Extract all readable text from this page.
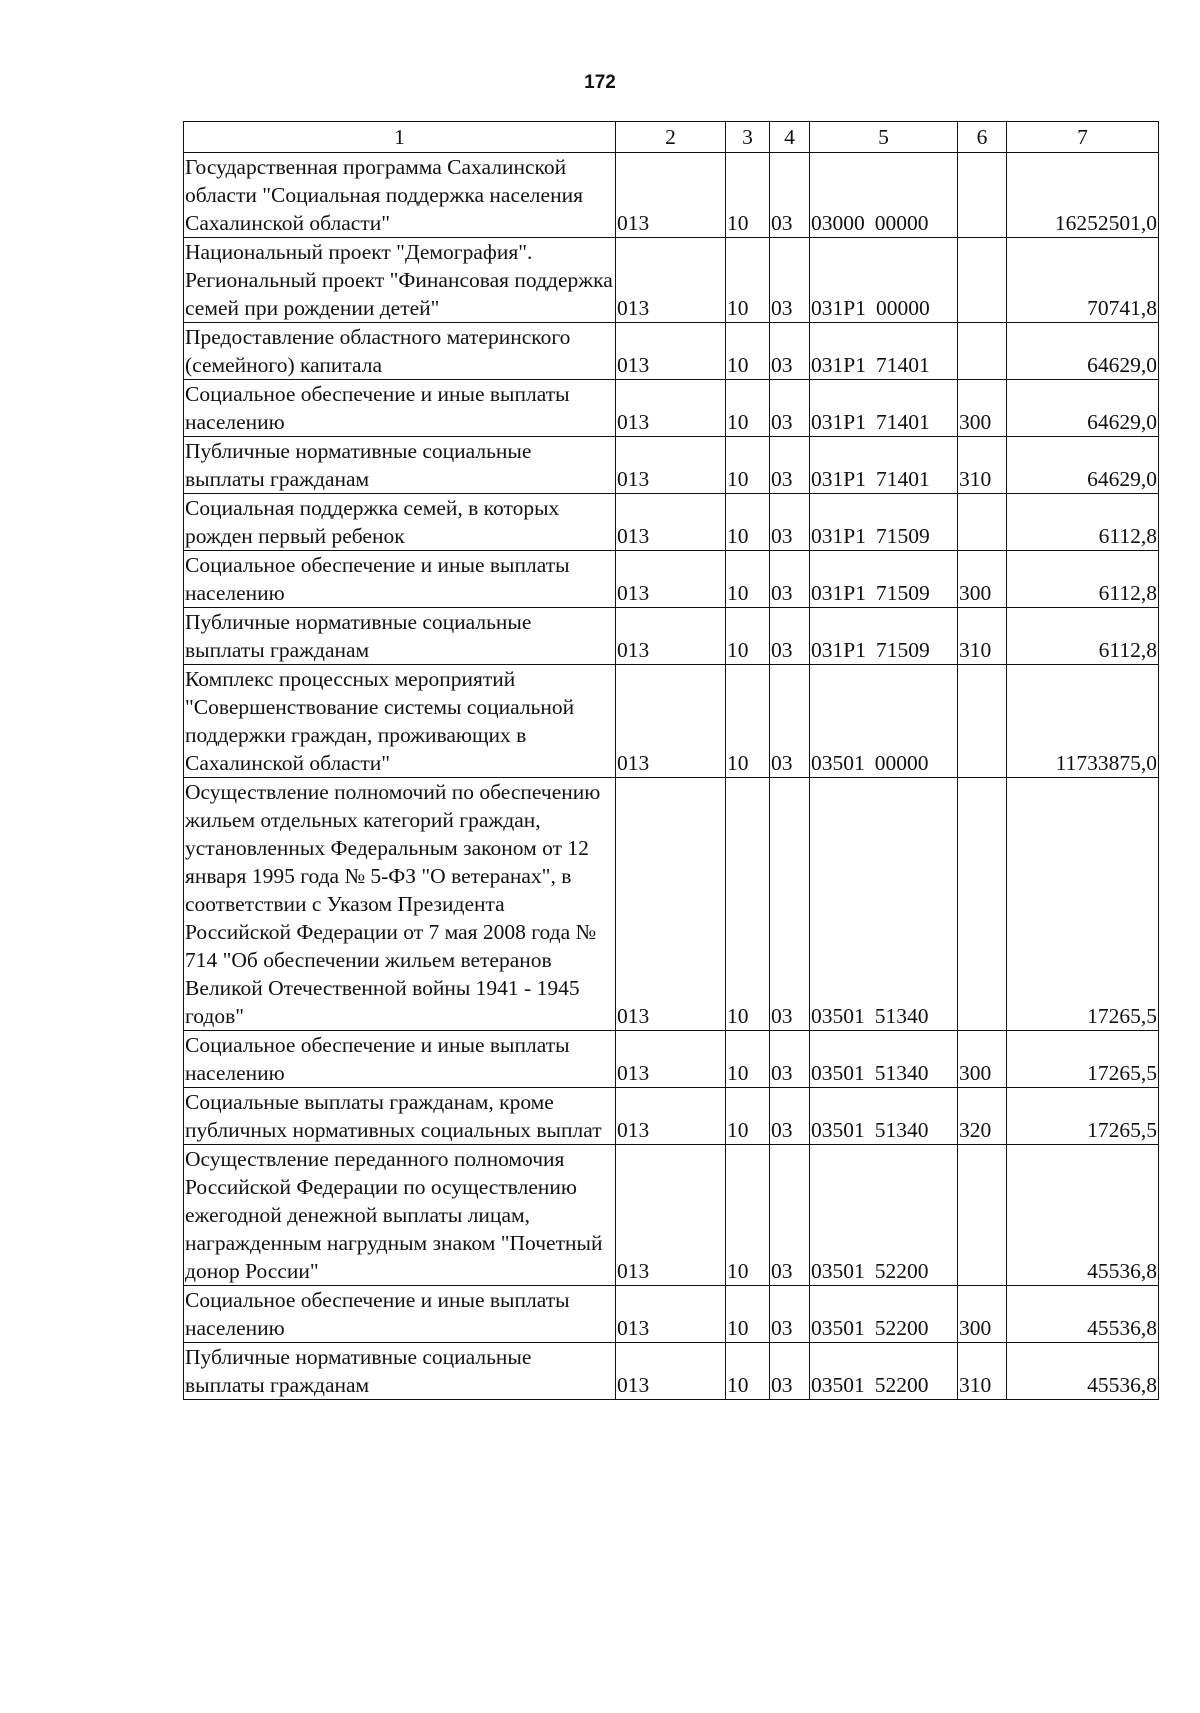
172
1	2	3	4	5	6	7
Государственная программа Сахалинской области "Социальная поддержка населения Сахалинской области"	013	10	03	03000 00000		16252501,0
Национальный проект "Демография". Региональный проект "Финансовая поддержка семей при рождении детей"	013	10	03	031Р1 00000		70741,8
Предоставление областного материнского (семейного) капитала	013	10	03	031Р1 71401		64629,0
Социальное обеспечение и иные выплаты населению	013	10	03	031Р1 71401	300	64629,0
Публичные нормативные социальные выплаты гражданам	013	10	03	031Р1 71401	310	64629,0
Социальная поддержка семей, в которых рожден первый ребенок	013	10	03	031Р1 71509		6112,8
Социальное обеспечение и иные выплаты населению	013	10	03	031Р1 71509	300	6112,8
Публичные нормативные социальные выплаты гражданам	013	10	03	031Р1 71509	310	6112,8
Комплекс процессных мероприятий "Совершенствование системы социальной поддержки граждан, проживающих в Сахалинской области"	013	10	03	03501 00000		11733875,0
Осуществление полномочий по обеспечению жильем отдельных категорий граждан, установленных Федеральным законом от 12 января 1995 года № 5-ФЗ "О ветеранах", в соответствии с Указом Президента Российской Федерации от 7 мая 2008 года № 714 "Об обеспечении жильем ветеранов Великой Отечественной войны 1941 - 1945 годов"	013	10	03	03501 51340		17265,5
Социальное обеспечение и иные выплаты населению	013	10	03	03501 51340	300	17265,5
Социальные выплаты гражданам, кроме публичных нормативных социальных выплат	013	10	03	03501 51340	320	17265,5
Осуществление переданного полномочия Российской Федерации по осуществлению ежегодной денежной выплаты лицам, награжденным нагрудным знаком "Почетный донор России"	013	10	03	03501 52200		45536,8
Социальное обеспечение и иные выплаты населению	013	10	03	03501 52200	300	45536,8
Публичные нормативные социальные выплаты гражданам	013	10	03	03501 52200	310	45536,8
